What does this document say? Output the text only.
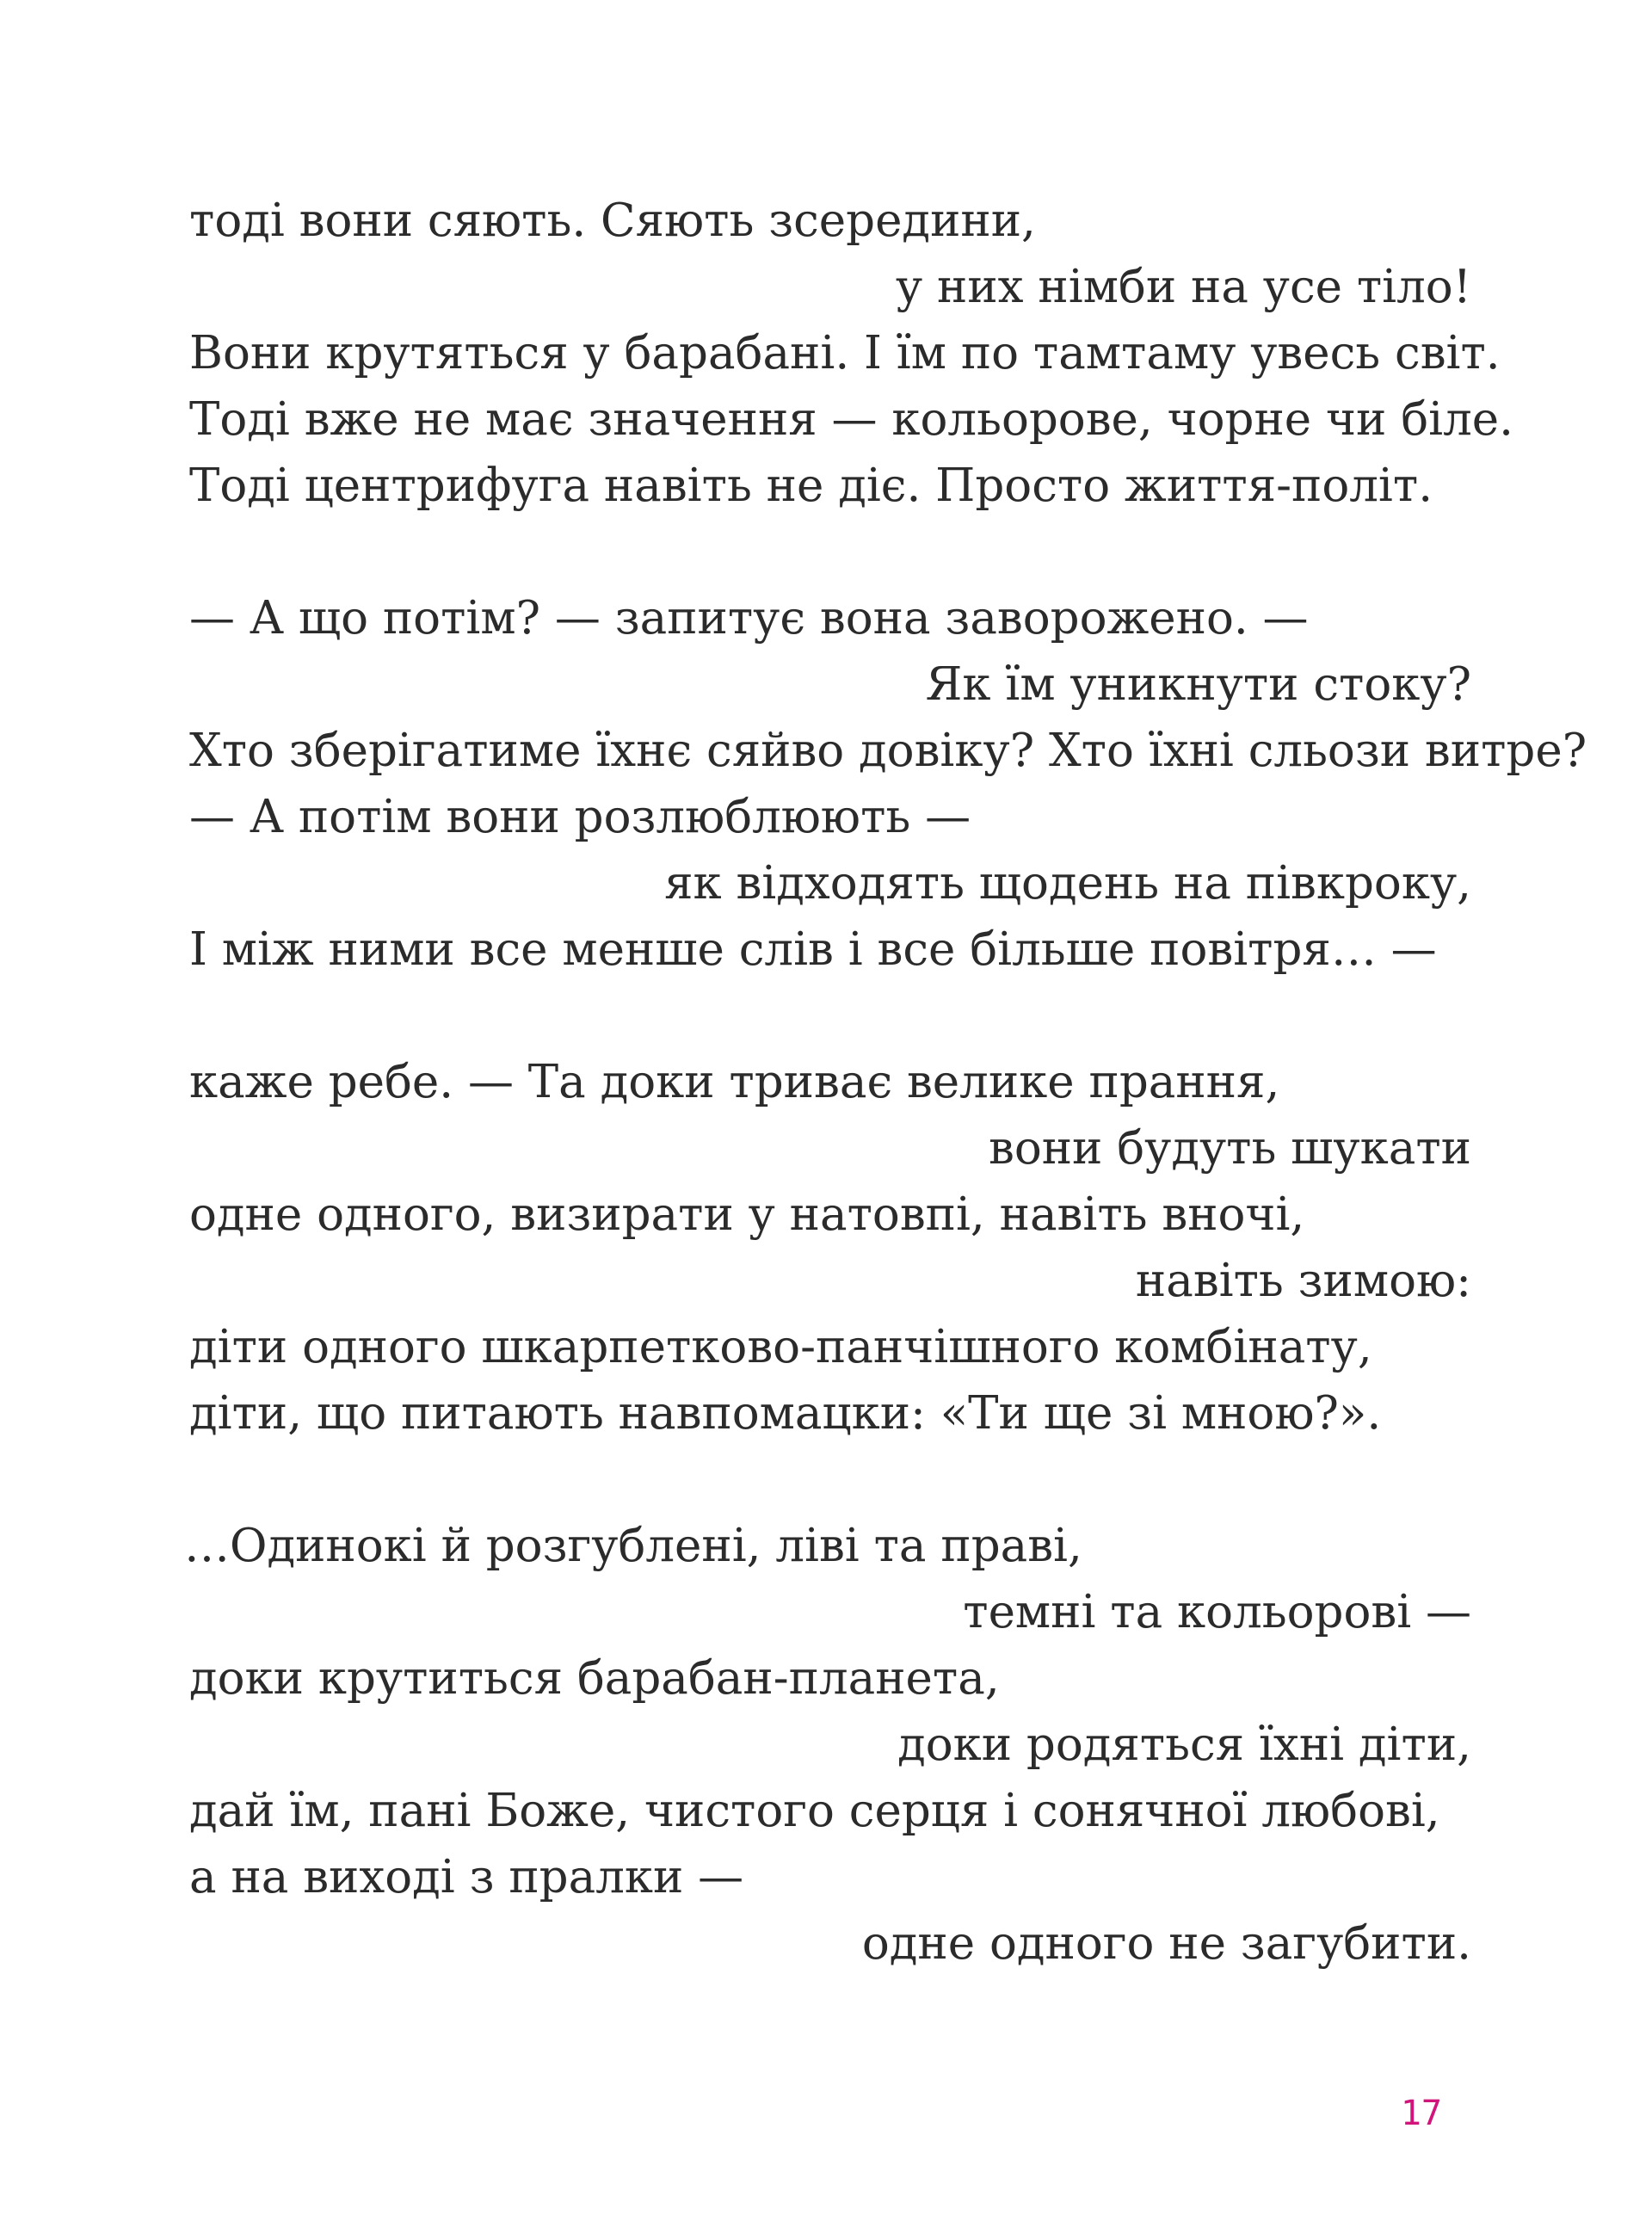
тоді вони сяють. Сяють зсередини,
у них німби на усе тіло!
Вони крутяться у барабані. І їм по тамтаму увесь світ.
Тоді вже не має значення — кольорове, чорне чи біле.
Тоді центрифуга навіть не діє. Просто життя-політ.
— А що потім? — запитує вона заворожено. —
Як їм уникнути стоку?
Хто зберігатиме їхнє сяйво довіку? Хто їхні сльози витре?
— А потім вони розлюблюють —
як відходять щодень на півкроку,
І між ними все менше слів і все більше повітря… —
каже ребе. — Та доки триває велике прання,
вони будуть шукати
одне одного, визирати у натовпі, навіть вночі,
навіть зимою:
діти одного шкарпетково-панчішного комбінату,
діти, що питають навпомацки: «Ти ще зі мною?».
…Одинокі й розгублені, ліві та праві,
темні та кольорові —
доки крутиться барабан-планета,
доки родяться їхні діти,
дай їм, пані Боже, чистого серця і сонячної любові,
а на виході з пралки —
одне одного не загубити.
17
